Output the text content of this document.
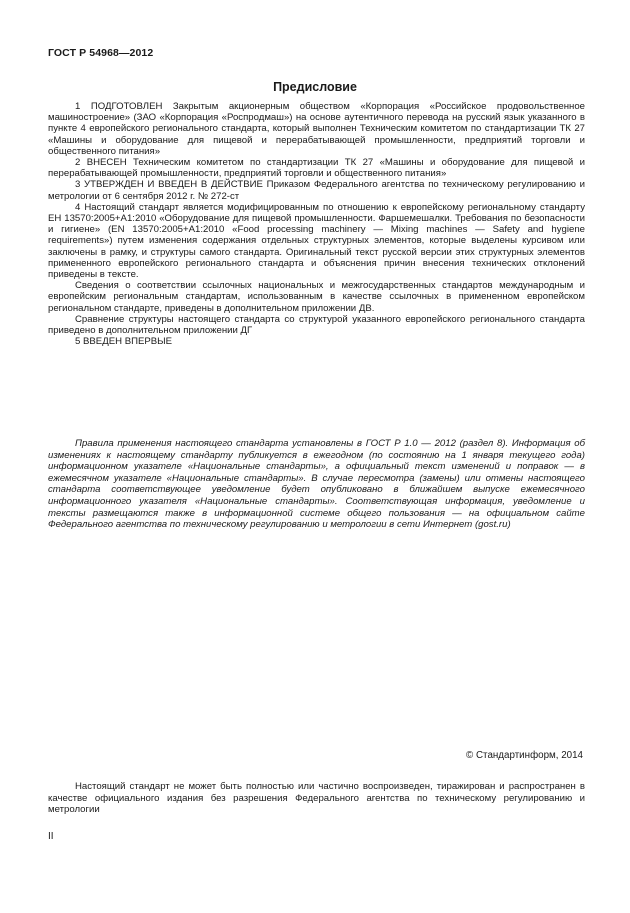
ГОСТ Р 54968—2012
Предисловие

1 ПОДГОТОВЛЕН Закрытым акционерным обществом «Корпорация «Российское продовольственное машиностроение» (ЗАО «Корпорация «Роспродмаш») на основе аутентичного перевода на русский язык указанного в пункте 4 европейского регионального стандарта, который выполнен Техническим комитетом по стандартизации ТК 27 «Машины и оборудование для пищевой и перерабатывающей промышленности, предприятий торговли и общественного питания»

2 ВНЕСЕН Техническим комитетом по стандартизации ТК 27 «Машины и оборудование для пищевой и перерабатывающей промышленности, предприятий торговли и общественного питания»

3 УТВЕРЖДЕН И ВВЕДЕН В ДЕЙСТВИЕ Приказом Федерального агентства по техническому регулированию и метрологии от 6 сентября 2012 г. № 272-ст

4 Настоящий стандарт является модифицированным по отношению к европейскому региональному стандарту ЕН 13570:2005+А1:2010 «Оборудование для пищевой промышленности. Фаршемешалки. Требования по безопасности и гигиене» (EN 13570:2005+A1:2010 «Food processing machinery — Mixing machines — Safety and hygiene requirements») путем изменения содержания отдельных структурных элементов, которые выделены курсивом или заключены в рамку, и структуры самого стандарта. Оригинальный текст русской версии этих структурных элементов примененного европейского регионального стандарта и объяснения причин внесения технических отклонений приведены в тексте.

Сведения о соответствии ссылочных национальных и межгосударственных стандартов международным и европейским региональным стандартам, использованным в качестве ссылочных в примененном европейском региональном стандарте, приведены в дополнительном приложении ДВ.

Сравнение структуры настоящего стандарта со структурой указанного европейского регионального стандарта приведено в дополнительном приложении ДГ

5 ВВЕДЕН ВПЕРВЫЕ

Правила применения настоящего стандарта установлены в ГОСТ Р 1.0 — 2012 (раздел 8). Информация об изменениях к настоящему стандарту публикуется в ежегодном (по состоянию на 1 января текущего года) информационном указателе «Национальные стандарты», а официальный текст изменений и поправок — в ежемесячном указателе «Национальные стандарты». В случае пересмотра (замены) или отмены настоящего стандарта соответствующее уведомление будет опубликовано в ближайшем выпуске ежемесячного информационного указателя «Национальные стандарты». Соответствующая информация, уведомление и тексты размещаются также в информационной системе общего пользования — на официальном сайте Федерального агентства по техническому регулированию и метрологии в сети Интернет (gost.ru)

© Стандартинформ, 2014

Настоящий стандарт не может быть полностью или частично воспроизведен, тиражирован и распространен в качестве официального издания без разрешения Федерального агентства по техническому регулированию и метрологии

II
